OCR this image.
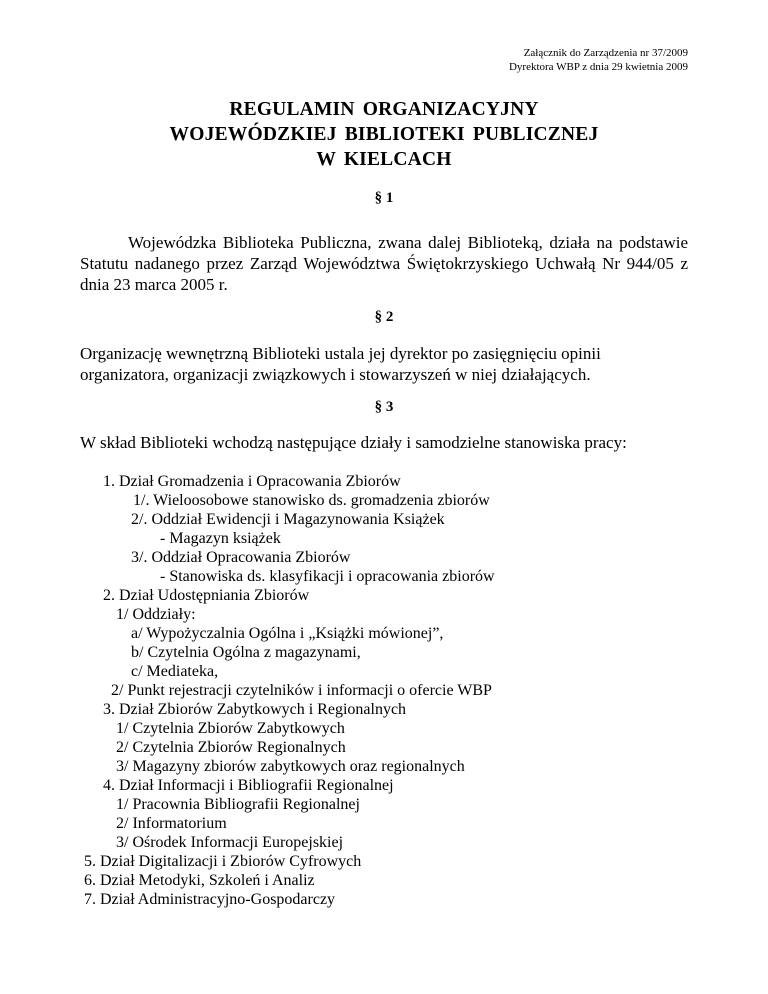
Załącznik do Zarządzenia nr 37/2009
Dyrektora WBP z dnia 29 kwietnia 2009
REGULAMIN ORGANIZACYJNY
WOJEWÓDZKIEJ BIBLIOTEKI PUBLICZNEJ
W KIELCACH
§ 1
Wojewódzka Biblioteka Publiczna, zwana dalej Biblioteką, działa na podstawie Statutu nadanego przez Zarząd Województwa Świętokrzyskiego Uchwałą Nr 944/05 z dnia 23 marca 2005 r.
§ 2
Organizację wewnętrzną Biblioteki ustala jej dyrektor po zasięgnięciu opinii organizatora, organizacji związkowych i stowarzyszeń w niej działających.
§ 3
W skład Biblioteki wchodzą następujące działy i samodzielne stanowiska pracy:
1. Dział Gromadzenia i Opracowania Zbiorów
1/. Wieloosobowe stanowisko ds. gromadzenia zbiorów
2/. Oddział Ewidencji i Magazynowania Książek
- Magazyn książek
3/. Oddział Opracowania Zbiorów
- Stanowiska ds. klasyfikacji i opracowania zbiorów
2. Dział Udostępniania Zbiorów
1/ Oddziały:
a/ Wypożyczalnia Ogólna i „Książki mówionej”,
b/ Czytelnia Ogólna z magazynami,
c/ Mediateka,
2/ Punkt rejestracji czytelników i informacji o ofercie WBP
3. Dział Zbiorów Zabytkowych i Regionalnych
1/ Czytelnia Zbiorów Zabytkowych
2/ Czytelnia Zbiorów Regionalnych
3/ Magazyny zbiorów zabytkowych oraz regionalnych
4. Dział Informacji i Bibliografii Regionalnej
1/ Pracownia Bibliografii Regionalnej
2/ Informatorium
3/ Ośrodek Informacji Europejskiej
5. Dział Digitalizacji i Zbiorów Cyfrowych
6. Dział Metodyki, Szkoleń i Analiz
7. Dział Administracyjno-Gospodarczy
